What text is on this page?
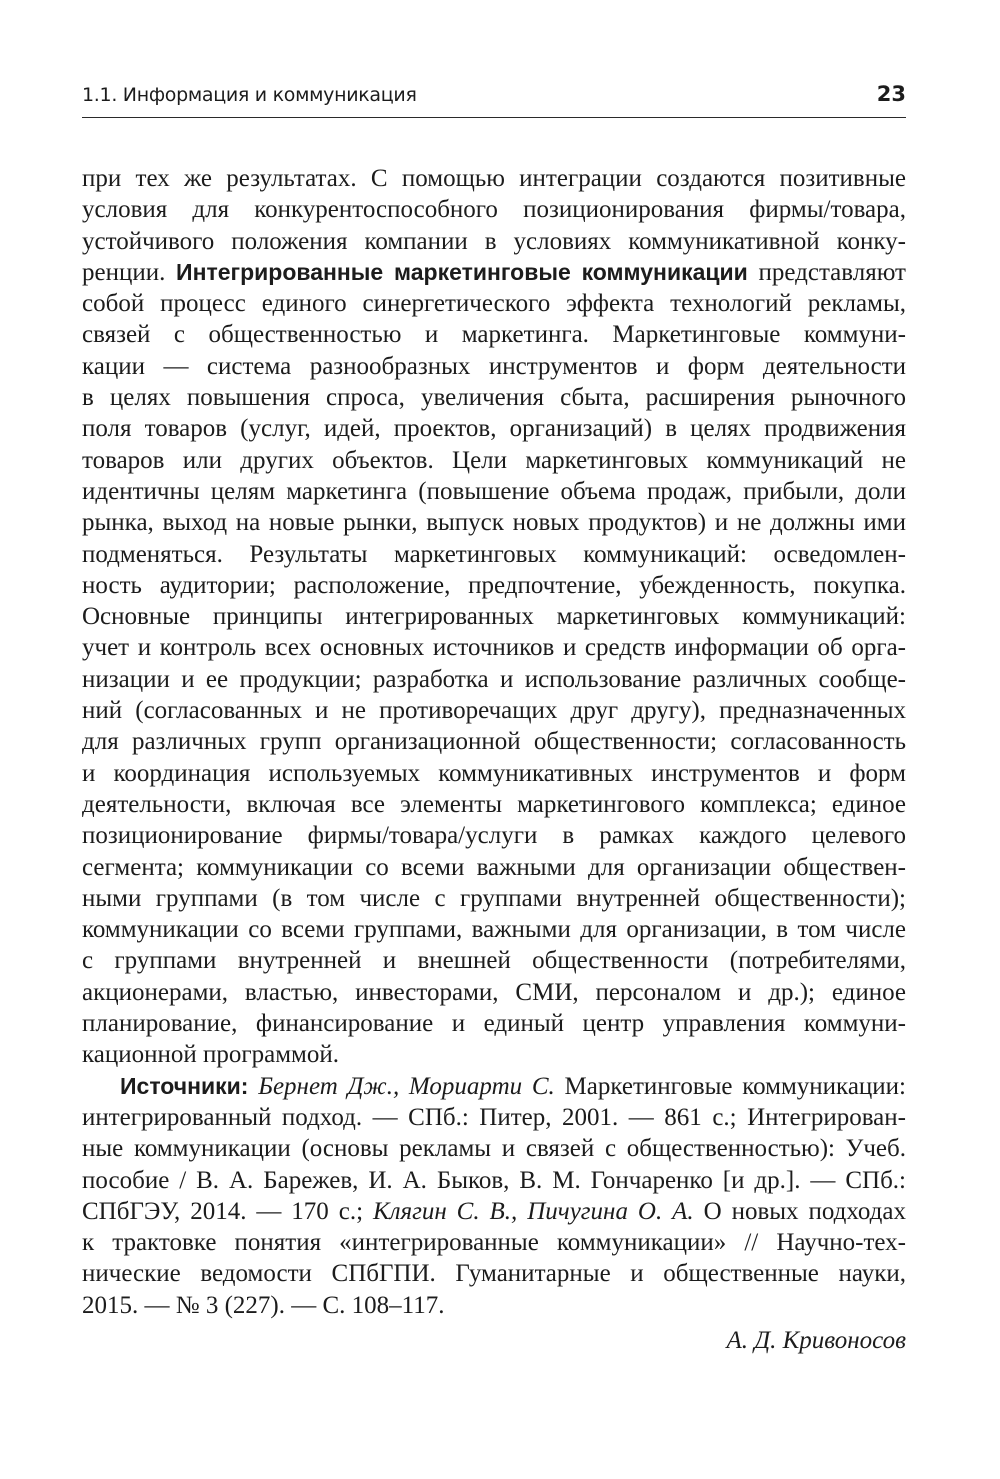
1.1. Информация и коммуникация	23
при тех же результатах. С помощью интеграции создаются позитивные
условия для конкурентоспособного позиционирования фирмы/товара,
устойчивого положения компании в условиях коммуникативной конку-
ренции. Интегрированные маркетинговые коммуникации представляют
собой процесс единого синергетического эффекта технологий рекламы,
связей с общественностью и маркетинга. Маркетинговые коммуни-
кации — система разнообразных инструментов и форм деятельности
в целях повышения спроса, увеличения сбыта, расширения рыночного
поля товаров (услуг, идей, проектов, организаций) в целях продвижения
товаров или других объектов. Цели маркетинговых коммуникаций не
идентичны целям маркетинга (повышение объема продаж, прибыли, доли
рынка, выход на новые рынки, выпуск новых продуктов) и не должны ими
подменяться. Результаты маркетинговых коммуникаций: осведомлен-
ность аудитории; расположение, предпочтение, убежденность, покупка.
Основные принципы интегрированных маркетинговых коммуникаций:
учет и контроль всех основных источников и средств информации об орга-
низации и ее продукции; разработка и использование различных сообще-
ний (согласованных и не противоречащих друг другу), предназначенных
для различных групп организационной общественности; согласованность
и координация используемых коммуникативных инструментов и форм
деятельности, включая все элементы маркетингового комплекса; единое
позиционирование фирмы/товара/услуги в рамках каждого целевого
сегмента; коммуникации со всеми важными для организации обществен-
ными группами (в том числе с группами внутренней общественности);
коммуникации со всеми группами, важными для организации, в том числе
с группами внутренней и внешней общественности (потребителями,
акционерами, властью, инвесторами, СМИ, персоналом и др.); единое
планирование, финансирование и единый центр управления коммуни-
кационной программой.
Источники: Бернет Дж., Мориарти С. Маркетинговые коммуникации:
интегрированный подход. — СПб.: Питер, 2001. — 861 с.; Интегрирован-
ные коммуникации (основы рекламы и связей с общественностью): Учеб.
пособие / В. А. Барежев, И. А. Быков, В. М. Гончаренко [и др.]. — СПб.:
СПбГЭУ, 2014. — 170 с.; Клягин С. В., Пичугина О. А. О новых подходах
к трактовке понятия «интегрированные коммуникации» // Научно-тех-
нические ведомости СПбГПИ. Гуманитарные и общественные науки,
2015. — № 3 (227). — С. 108–117.
А. Д. Кривоносов
